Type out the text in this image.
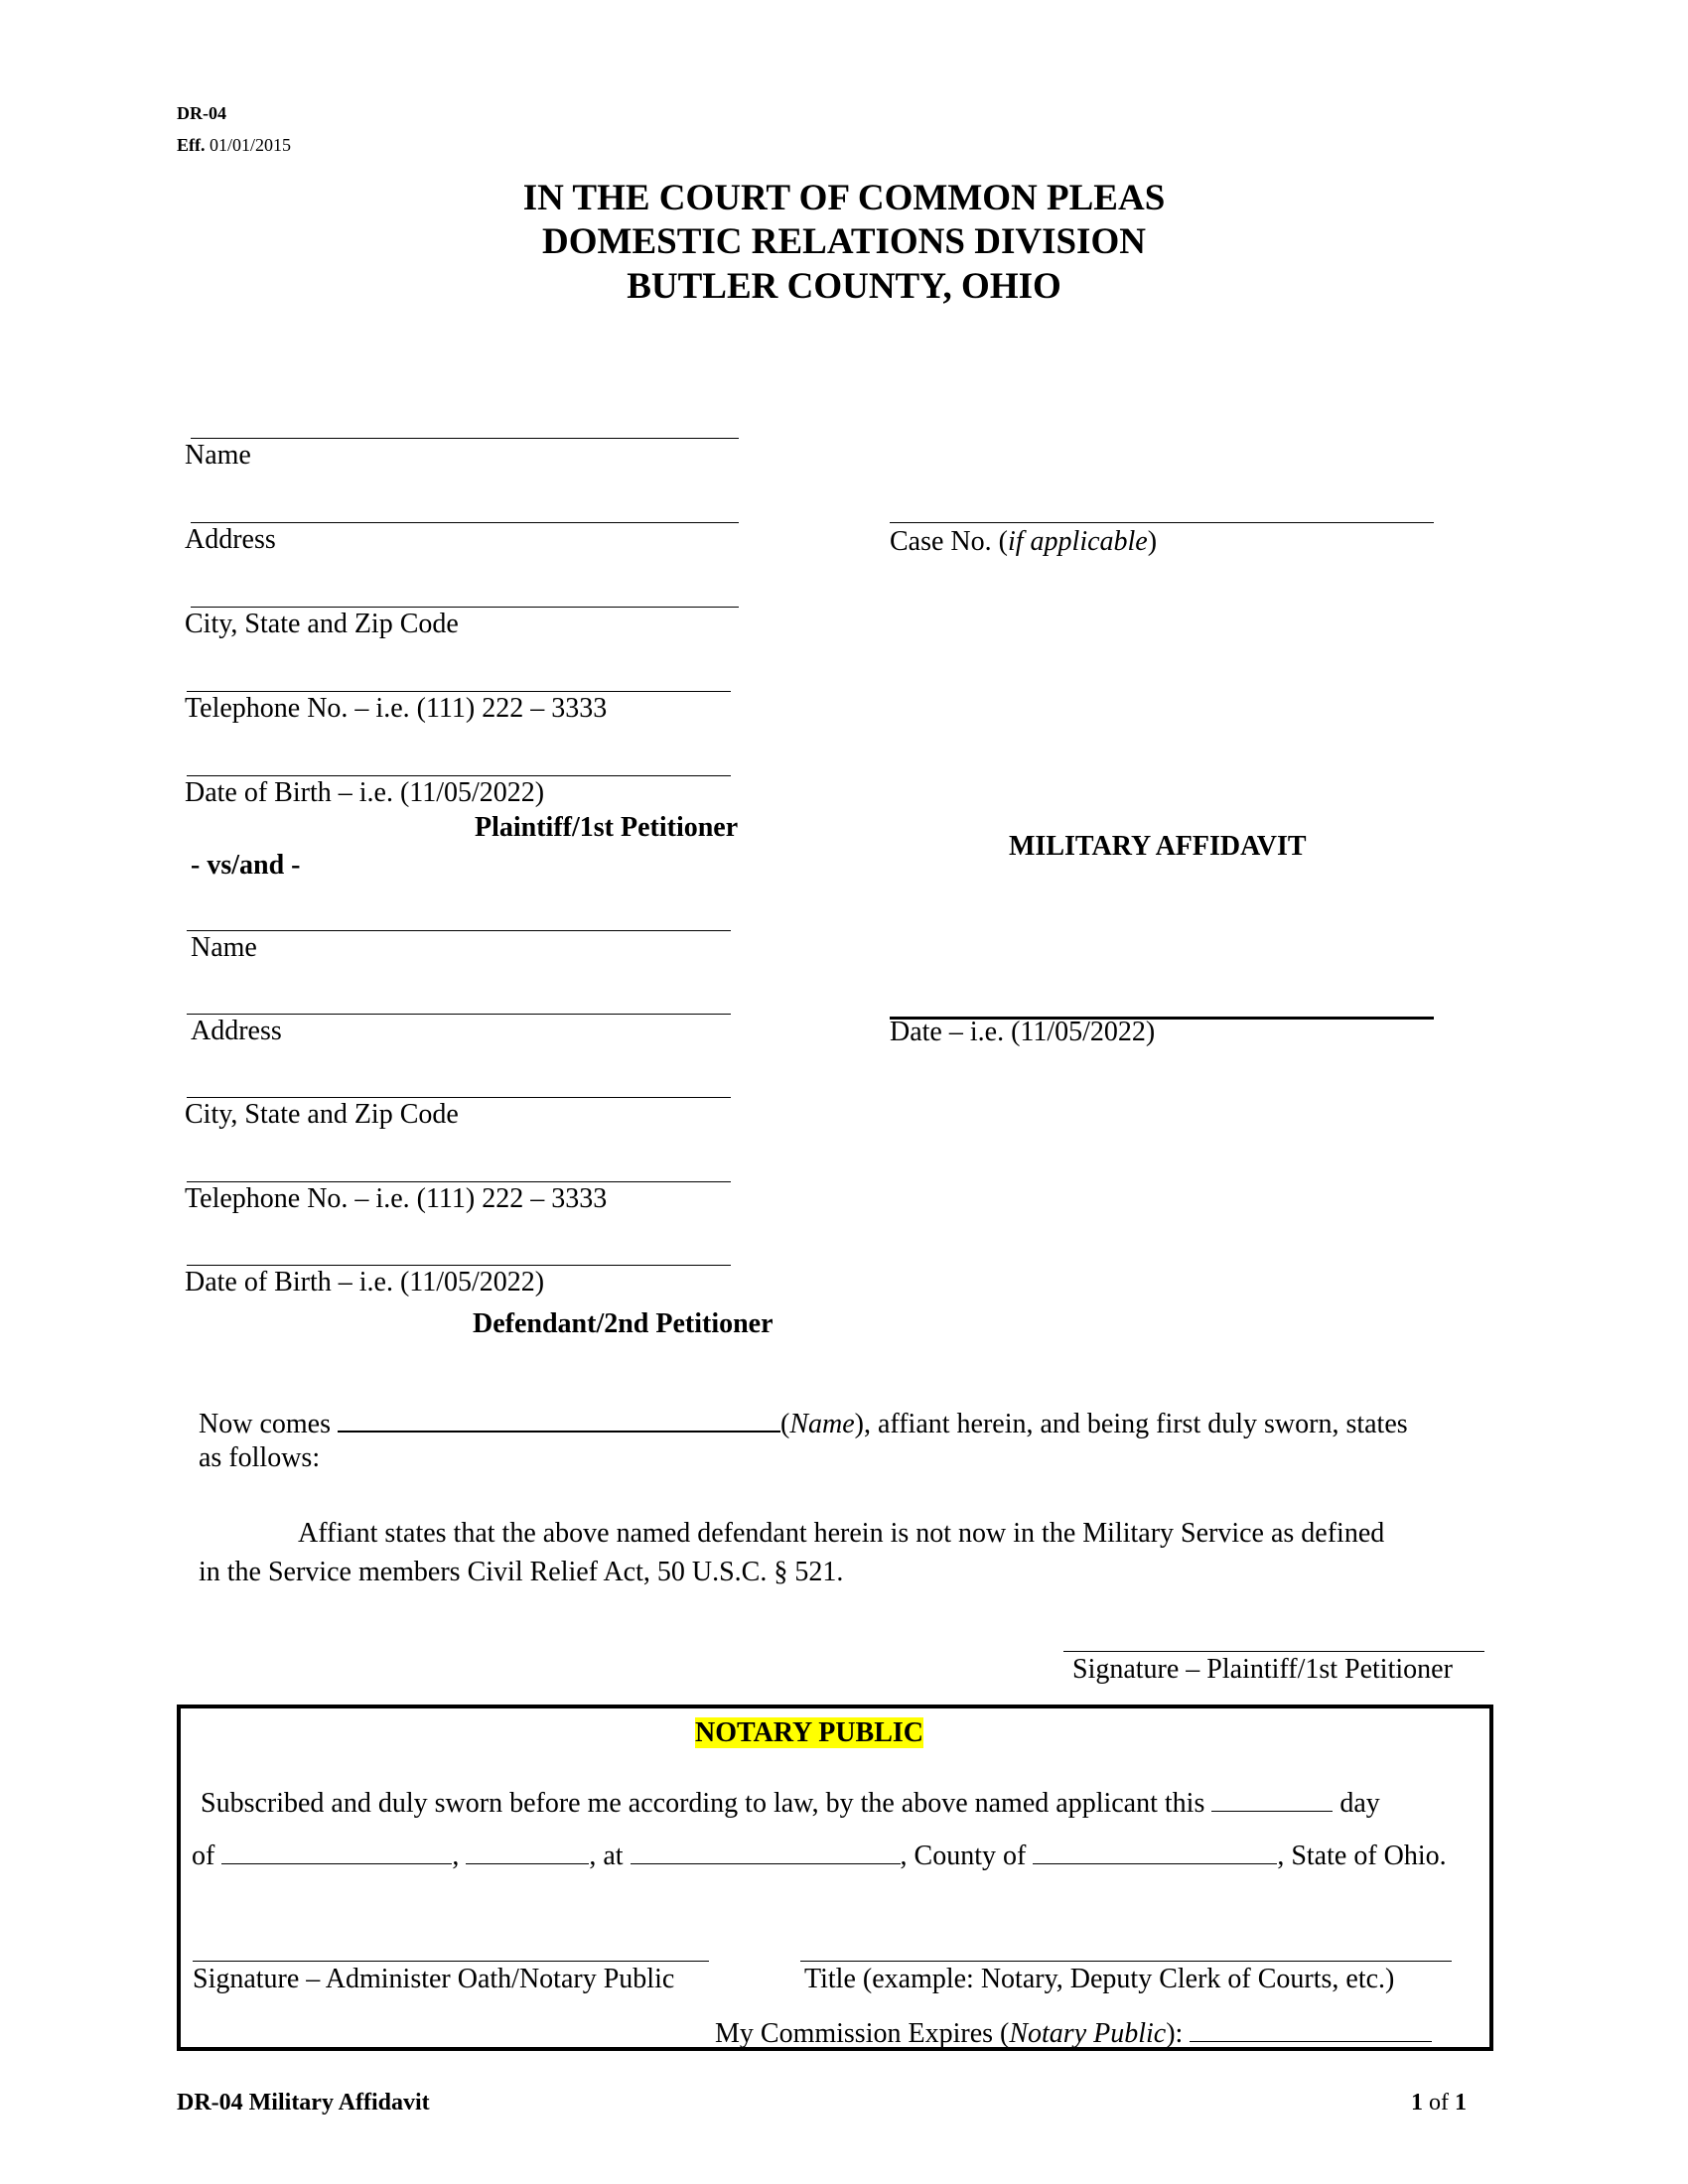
DR-04
Eff. 01/01/2015
IN THE COURT OF COMMON PLEAS
DOMESTIC RELATIONS DIVISION
BUTLER COUNTY, OHIO
Name
Address
City, State and Zip Code
Telephone No. – i.e. (111) 222 – 3333
Date of Birth – i.e. (11/05/2022)
Plaintiff/1st Petitioner
- vs/and -
Name
Address
City, State and Zip Code
Telephone No. – i.e. (111) 222 – 3333
Date of Birth – i.e. (11/05/2022)
Defendant/2nd Petitioner
Case No. (if applicable)
MILITARY AFFIDAVIT
Date – i.e. (11/05/2022)
Now comes	(Name), affiant herein, and being first duly sworn, states
as follows:
Affiant states that the above named defendant herein is not now in the Military Service as defined
in the Service members Civil Relief Act, 50 U.S.C. § 521.
Signature – Plaintiff/1st Petitioner
NOTARY PUBLIC
Subscribed and duly sworn before me according to law, by the above named applicant this	day
of	,	, at	, County of	, State of Ohio.
Signature – Administer Oath/Notary Public	Title (example: Notary, Deputy Clerk of Courts, etc.)
My Commission Expires (Notary Public):
DR-04 Military Affidavit	1 of 1
